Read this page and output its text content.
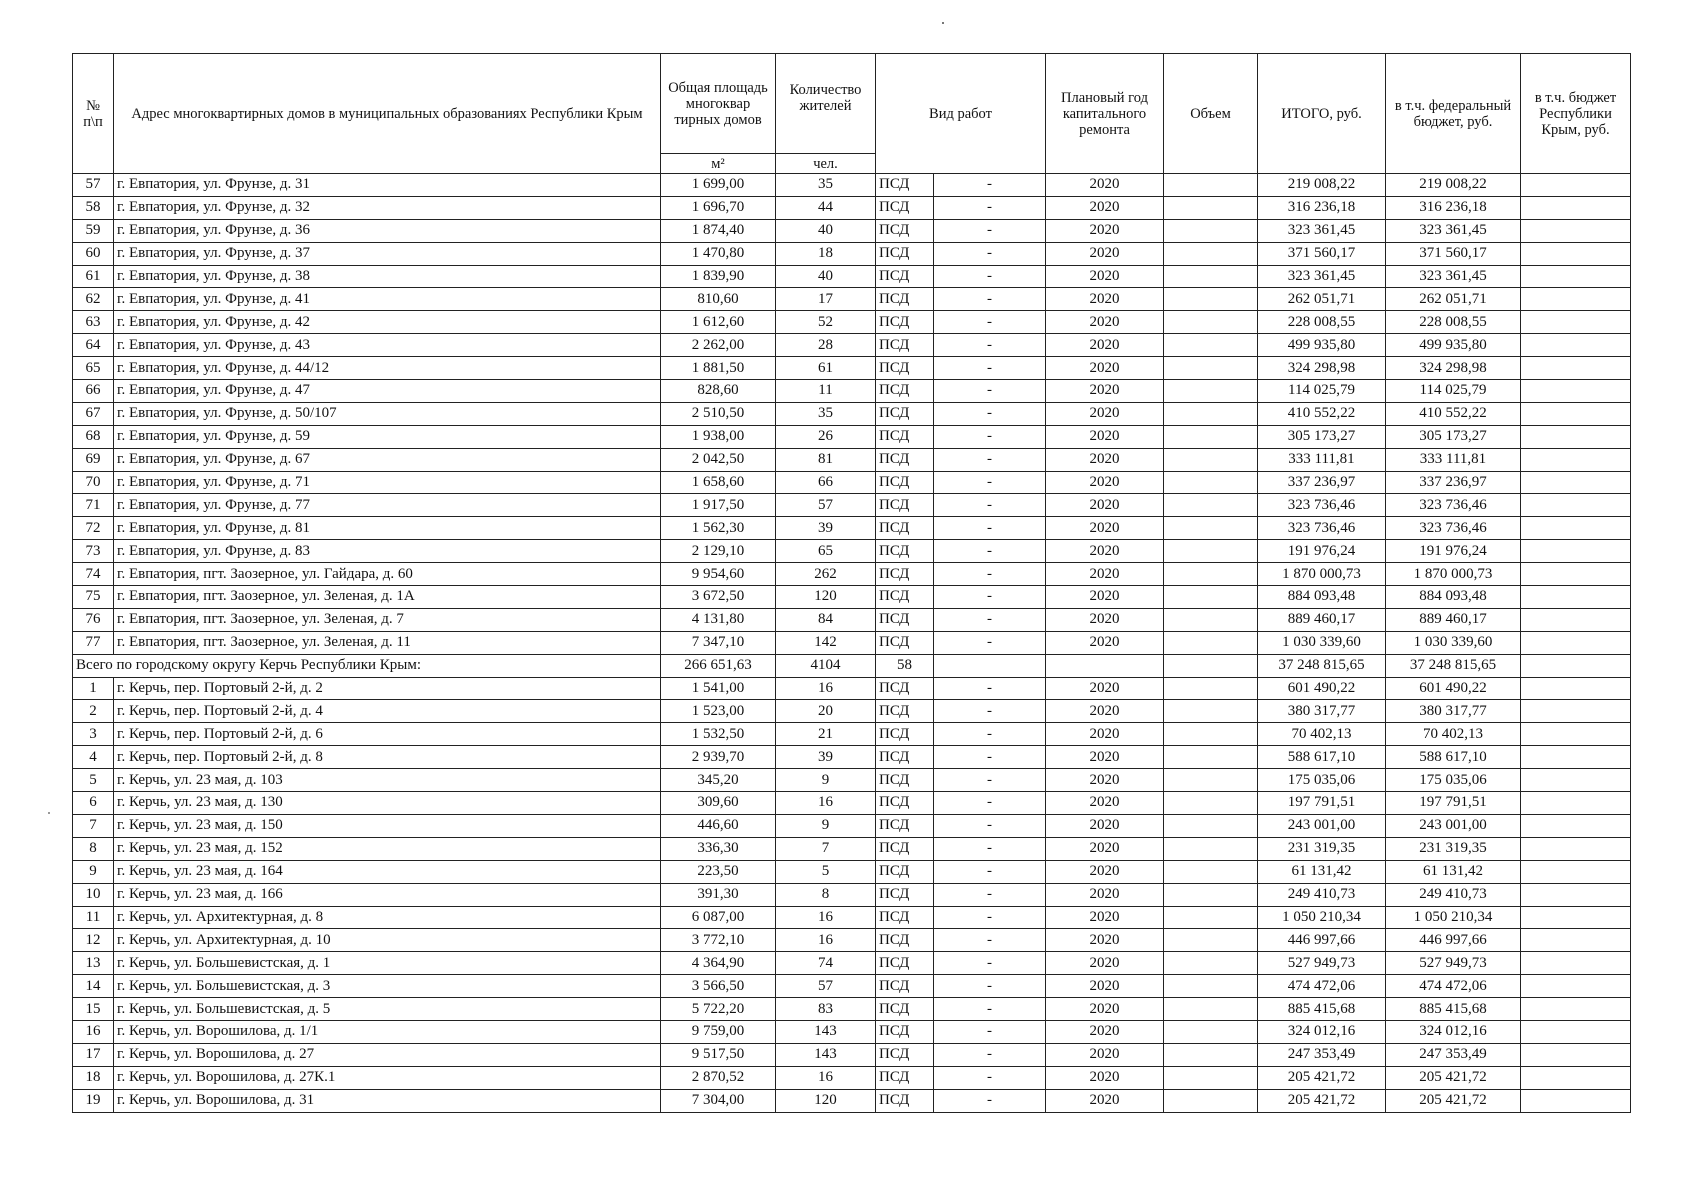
№ п\п	Адрес многоквартирных домов в муниципальных образованиях Республики Крым	Общая площадь многоквар тирных домов	Количество жителей	Вид работ		Плановый год капитального ремонта	Объем	ИТОГО, руб.	в т.ч. федеральный бюджет, руб.	в т.ч. бюджет Республики Крым, руб.
		м²	чел.							
57	г. Евпатория, ул. Фрунзе, д. 31	1 699,00	35	ПСД	-	2020		219 008,22	219 008,22	
58	г. Евпатория, ул. Фрунзе, д. 32	1 696,70	44	ПСД	-	2020		316 236,18	316 236,18	
59	г. Евпатория, ул. Фрунзе, д. 36	1 874,40	40	ПСД	-	2020		323 361,45	323 361,45	
60	г. Евпатория, ул. Фрунзе, д. 37	1 470,80	18	ПСД	-	2020		371 560,17	371 560,17	
61	г. Евпатория, ул. Фрунзе, д. 38	1 839,90	40	ПСД	-	2020		323 361,45	323 361,45	
62	г. Евпатория, ул. Фрунзе, д. 41	810,60	17	ПСД	-	2020		262 051,71	262 051,71	
63	г. Евпатория, ул. Фрунзе, д. 42	1 612,60	52	ПСД	-	2020		228 008,55	228 008,55	
64	г. Евпатория, ул. Фрунзе, д. 43	2 262,00	28	ПСД	-	2020		499 935,80	499 935,80	
65	г. Евпатория, ул. Фрунзе, д. 44/12	1 881,50	61	ПСД	-	2020		324 298,98	324 298,98	
66	г. Евпатория, ул. Фрунзе, д. 47	828,60	11	ПСД	-	2020		114 025,79	114 025,79	
67	г. Евпатория, ул. Фрунзе, д. 50/107	2 510,50	35	ПСД	-	2020		410 552,22	410 552,22	
68	г. Евпатория, ул. Фрунзе, д. 59	1 938,00	26	ПСД	-	2020		305 173,27	305 173,27	
69	г. Евпатория, ул. Фрунзе, д. 67	2 042,50	81	ПСД	-	2020		333 111,81	333 111,81	
70	г. Евпатория, ул. Фрунзе, д. 71	1 658,60	66	ПСД	-	2020		337 236,97	337 236,97	
71	г. Евпатория, ул. Фрунзе, д. 77	1 917,50	57	ПСД	-	2020		323 736,46	323 736,46	
72	г. Евпатория, ул. Фрунзе, д. 81	1 562,30	39	ПСД	-	2020		323 736,46	323 736,46	
73	г. Евпатория, ул. Фрунзе, д. 83	2 129,10	65	ПСД	-	2020		191 976,24	191 976,24	
74	г. Евпатория, пгт. Заозерное, ул. Гайдара, д. 60	9 954,60	262	ПСД	-	2020		1 870 000,73	1 870 000,73	
75	г. Евпатория, пгт. Заозерное, ул. Зеленая, д. 1А	3 672,50	120	ПСД	-	2020		884 093,48	884 093,48	
76	г. Евпатория, пгт. Заозерное, ул. Зеленая, д. 7	4 131,80	84	ПСД	-	2020		889 460,17	889 460,17	
77	г. Евпатория, пгт. Заозерное, ул. Зеленая, д. 11	7 347,10	142	ПСД	-	2020		1 030 339,60	1 030 339,60	
Всего по городскому округу Керчь Республики Крым:		266 651,63	4104	58				37 248 815,65	37 248 815,65	
1	г. Керчь, пер. Портовый 2-й, д. 2	1 541,00	16	ПСД	-	2020		601 490,22	601 490,22	
2	г. Керчь, пер. Портовый 2-й, д. 4	1 523,00	20	ПСД	-	2020		380 317,77	380 317,77	
3	г. Керчь, пер. Портовый 2-й, д. 6	1 532,50	21	ПСД	-	2020		70 402,13	70 402,13	
4	г. Керчь, пер. Портовый 2-й, д. 8	2 939,70	39	ПСД	-	2020		588 617,10	588 617,10	
5	г. Керчь, ул. 23 мая, д. 103	345,20	9	ПСД	-	2020		175 035,06	175 035,06	
6	г. Керчь, ул. 23 мая, д. 130	309,60	16	ПСД	-	2020		197 791,51	197 791,51	
7	г. Керчь, ул. 23 мая, д. 150	446,60	9	ПСД	-	2020		243 001,00	243 001,00	
8	г. Керчь, ул. 23 мая, д. 152	336,30	7	ПСД	-	2020		231 319,35	231 319,35	
9	г. Керчь, ул. 23 мая, д. 164	223,50	5	ПСД	-	2020		61 131,42	61 131,42	
10	г. Керчь, ул. 23 мая, д. 166	391,30	8	ПСД	-	2020		249 410,73	249 410,73	
11	г. Керчь, ул. Архитектурная, д. 8	6 087,00	16	ПСД	-	2020		1 050 210,34	1 050 210,34	
12	г. Керчь, ул. Архитектурная, д. 10	3 772,10	16	ПСД	-	2020		446 997,66	446 997,66	
13	г. Керчь, ул. Большевистская, д. 1	4 364,90	74	ПСД	-	2020		527 949,73	527 949,73	
14	г. Керчь, ул. Большевистская, д. 3	3 566,50	57	ПСД	-	2020		474 472,06	474 472,06	
15	г. Керчь, ул. Большевистская, д. 5	5 722,20	83	ПСД	-	2020		885 415,68	885 415,68	
16	г. Керчь, ул. Ворошилова, д. 1/1	9 759,00	143	ПСД	-	2020		324 012,16	324 012,16	
17	г. Керчь, ул. Ворошилова, д. 27	9 517,50	143	ПСД	-	2020		247 353,49	247 353,49	
18	г. Керчь, ул. Ворошилова, д. 27К.1	2 870,52	16	ПСД	-	2020		205 421,72	205 421,72	
19	г. Керчь, ул. Ворошилова, д. 31	7 304,00	120	ПСД	-	2020		205 421,72	205 421,72	
